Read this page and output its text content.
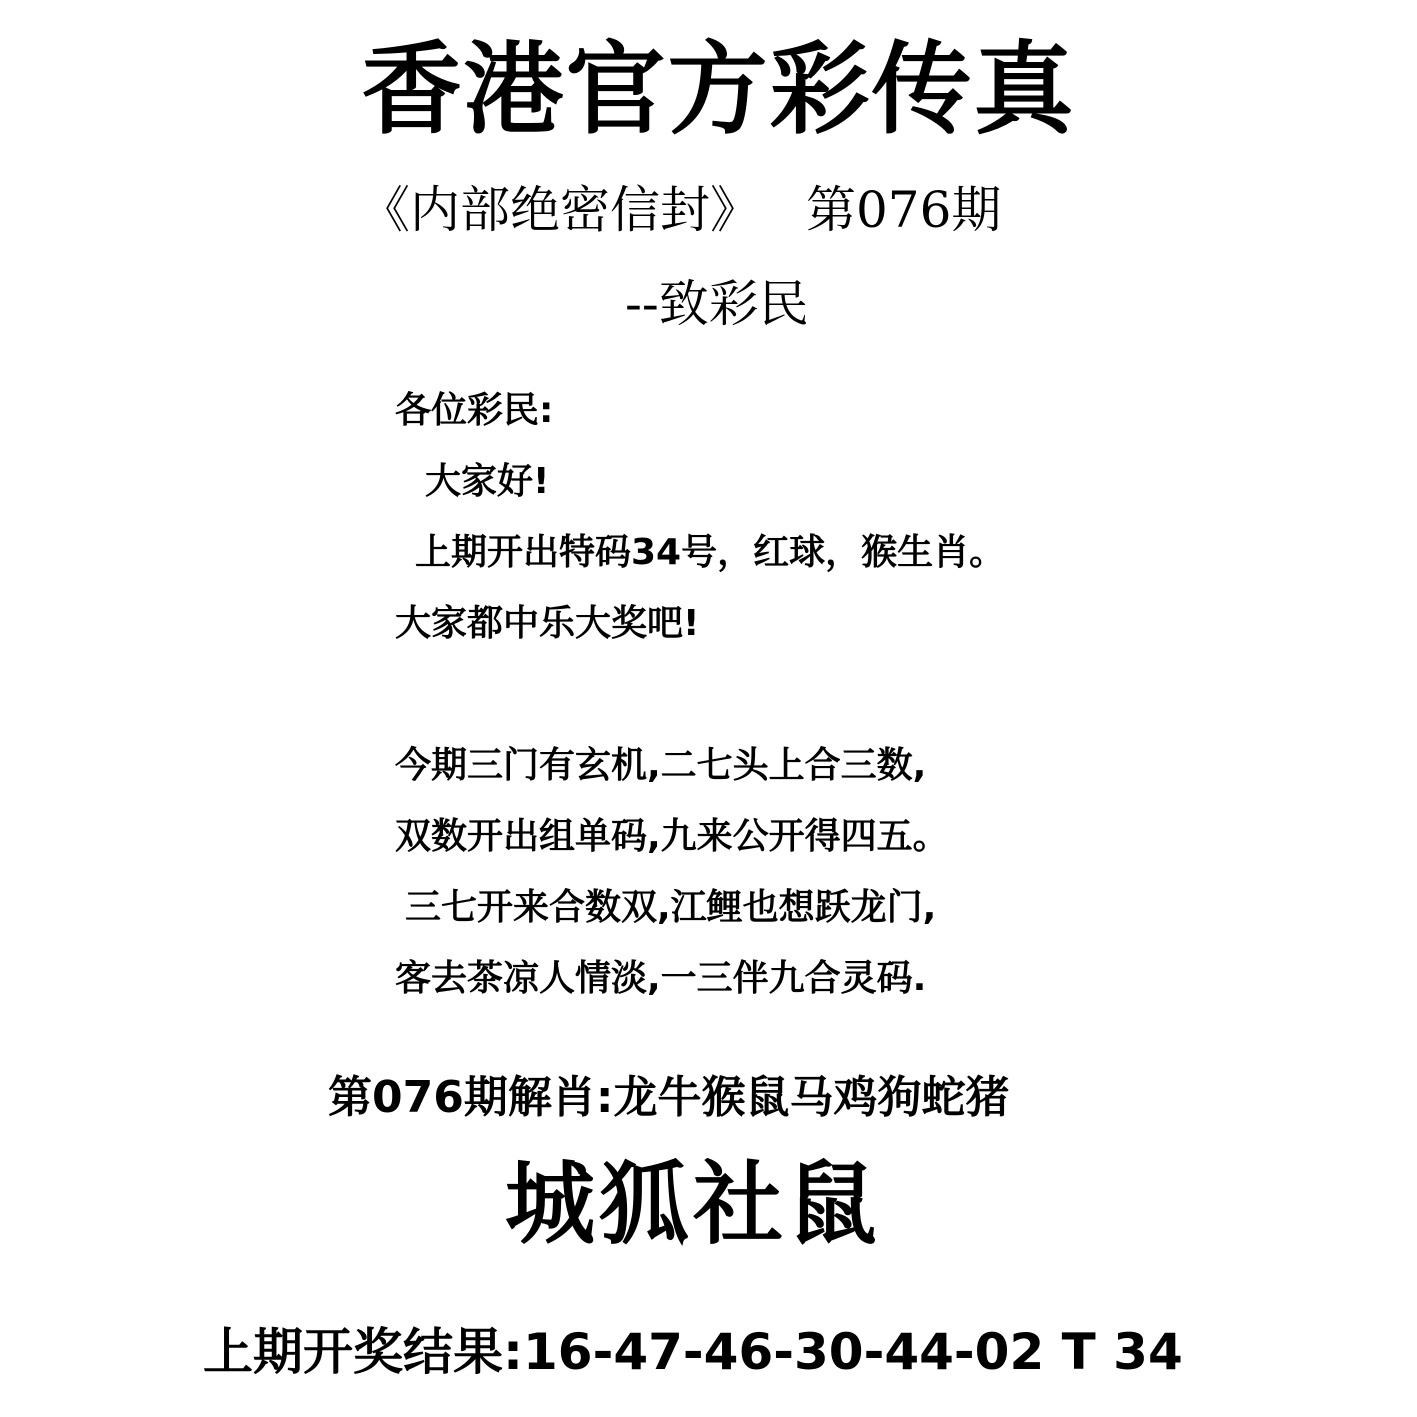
香港官方彩传真
《内部绝密信封》 第076期
--致彩民

各位彩民:

大家好!

上期开出特码34号，红球，猴生肖。

大家都中乐大奖吧!

今期三门有玄机,二七头上合三数,

双数开出组单码,九来公开得四五。

三七开来合数双,江鲤也想跃龙门,

客去茶凉人情淡,一三伴九合灵码.

第076期解肖:龙牛猴鼠马鸡狗蛇猪
城狐社鼠
上期开奖结果:16-47-46-30-44-02 T 34
